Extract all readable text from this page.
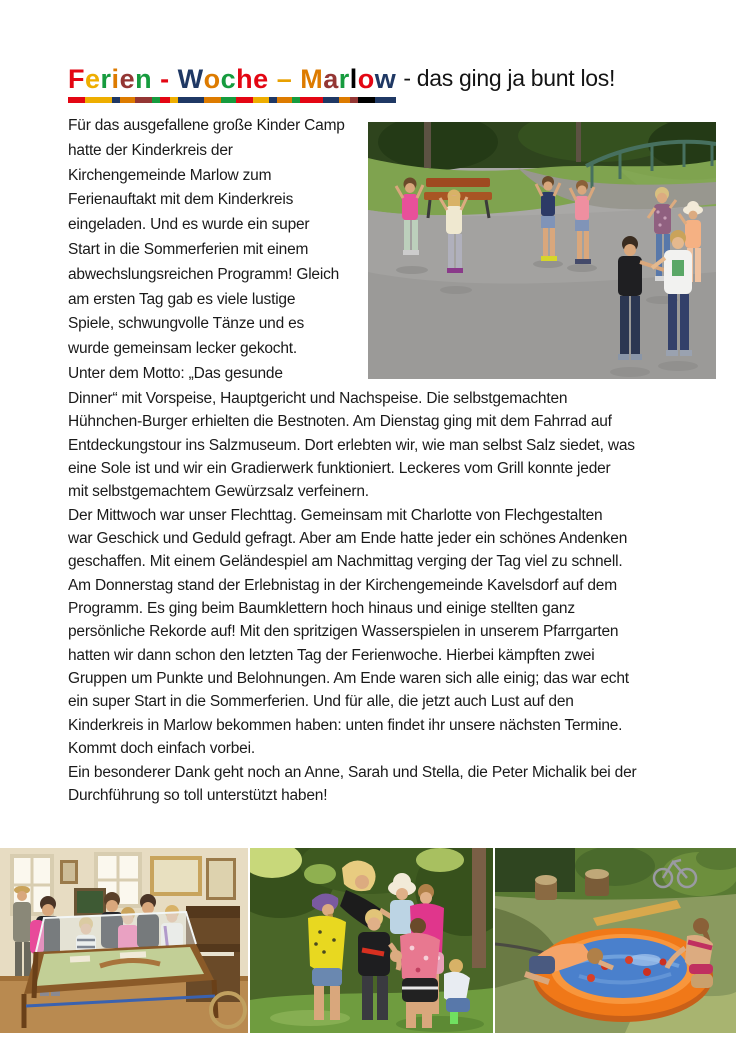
Ferien - Woche – Marlow - das ging ja bunt los!
Für das ausgefallene große Kinder Camp
hatte der Kinderkreis der
Kirchengemeinde Marlow zum
Ferienauftakt mit dem Kinderkreis
eingeladen. Und es wurde ein super
Start in die Sommerferien mit einem
abwechslungsreichen Programm! Gleich
am ersten Tag gab es viele lustige
Spiele, schwungvolle Tänze und es
wurde gemeinsam lecker gekocht.
Unter dem Motto: „Das gesunde
Dinner“ mit Vorspeise, Hauptgericht und Nachspeise. Die selbstgemachten
Hühnchen-Burger erhielten die Bestnoten. Am Dienstag ging mit dem Fahrrad auf
Entdeckungstour ins Salzmuseum. Dort erlebten wir, wie man selbst Salz siedet, was
eine Sole ist und wir ein Gradierwerk funktioniert. Leckeres vom Grill konnte jeder
mit selbstgemachtem Gewürzsalz verfeinern.
Der Mittwoch war unser Flechttag. Gemeinsam mit Charlotte von Flechgestalten
war Geschick und Geduld gefragt. Aber am Ende hatte jeder ein schönes Andenken
geschaffen. Mit einem Geländespiel am Nachmittag verging der Tag viel zu schnell.
Am Donnerstag stand der Erlebnistag in der Kirchengemeinde Kavelsdorf auf dem
Programm. Es ging beim Baumklettern hoch hinaus und einige stellten ganz
persönliche Rekorde auf! Mit den spritzigen Wasserspielen in unserem Pfarrgarten
hatten wir dann schon den letzten Tag der Ferienwoche. Hierbei kämpften zwei
Gruppen um Punkte und Belohnungen. Am Ende waren sich alle einig; das war echt
ein super Start in die Sommerferien. Und für alle, die jetzt auch Lust auf den
Kinderkreis in Marlow bekommen haben: unten findet ihr unsere nächsten Termine.
Kommt doch einfach vorbei.
Ein besonderer Dank geht noch an Anne, Sarah und Stella, die Peter Michalik bei der
Durchführung so toll unterstützt haben!
